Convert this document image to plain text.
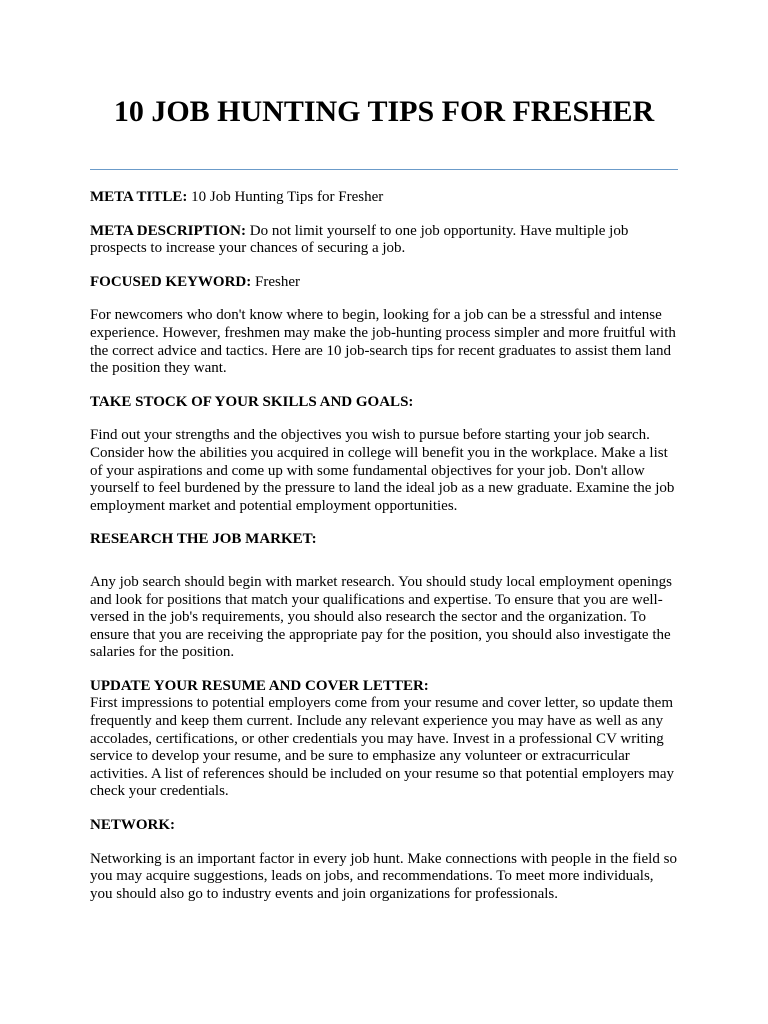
10 JOB HUNTING TIPS FOR FRESHER

META TITLE: 10 Job Hunting Tips for Fresher

META DESCRIPTION: Do not limit yourself to one job opportunity. Have multiple job prospects to increase your chances of securing a job.

FOCUSED KEYWORD: Fresher

For newcomers who don't know where to begin, looking for a job can be a stressful and intense experience. However, freshmen may make the job-hunting process simpler and more fruitful with the correct advice and tactics. Here are 10 job-search tips for recent graduates to assist them land the position they want.

TAKE STOCK OF YOUR SKILLS AND GOALS:

Find out your strengths and the objectives you wish to pursue before starting your job search. Consider how the abilities you acquired in college will benefit you in the workplace. Make a list of your aspirations and come up with some fundamental objectives for your job. Don't allow yourself to feel burdened by the pressure to land the ideal job as a new graduate. Examine the job employment market and potential employment opportunities.

RESEARCH THE JOB MARKET:

Any job search should begin with market research. You should study local employment openings and look for positions that match your qualifications and expertise. To ensure that you are well-versed in the job's requirements, you should also research the sector and the organization. To ensure that you are receiving the appropriate pay for the position, you should also investigate the salaries for the position.

UPDATE YOUR RESUME AND COVER LETTER:

First impressions to potential employers come from your resume and cover letter, so update them frequently and keep them current. Include any relevant experience you may have as well as any accolades, certifications, or other credentials you may have. Invest in a professional CV writing service to develop your resume, and be sure to emphasize any volunteer or extracurricular activities. A list of references should be included on your resume so that potential employers may check your credentials.

NETWORK:

Networking is an important factor in every job hunt. Make connections with people in the field so you may acquire suggestions, leads on jobs, and recommendations. To meet more individuals, you should also go to industry events and join organizations for professionals.
